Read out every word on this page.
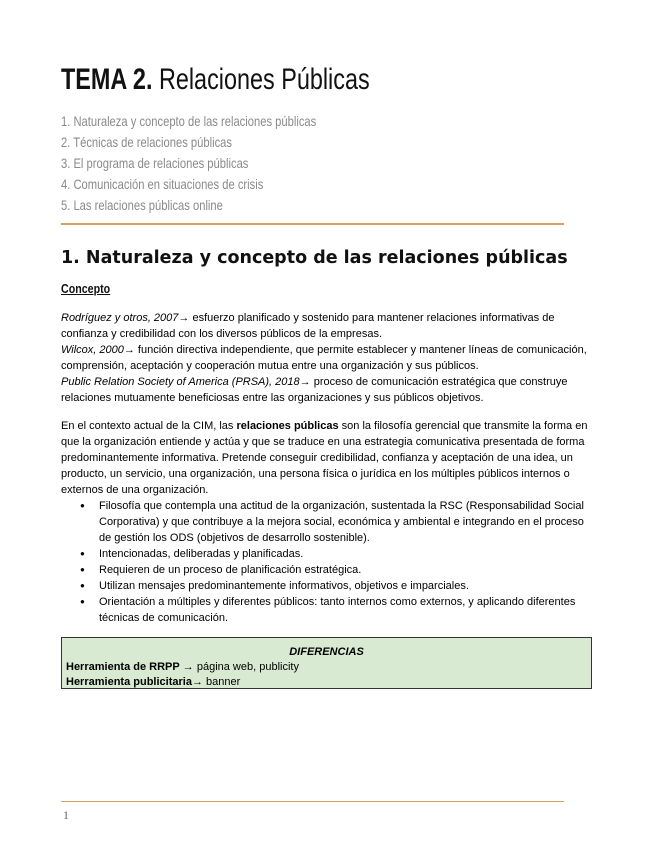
TEMA 2. Relaciones Públicas
1. Naturaleza y concepto de las relaciones públicas
2. Técnicas de relaciones públicas
3. El programa de relaciones públicas
4. Comunicación en situaciones de crisis
5. Las relaciones públicas online
1. Naturaleza y concepto de las relaciones públicas
Concepto

Rodríguez y otros, 2007→ esfuerzo planificado y sostenido para mantener relaciones informativas de confianza y credibilidad con los diversos públicos de la empresas.

Wilcox, 2000→ función directiva independiente, que permite establecer y mantener líneas de comunicación, comprensión, aceptación y cooperación mutua entre una organización y sus públicos.

Public Relation Society of America (PRSA), 2018→ proceso de comunicación estratégica que construye relaciones mutuamente beneficiosas entre las organizaciones y sus públicos objetivos.

En el contexto actual de la CIM, las relaciones públicas son la filosofía gerencial que transmite la forma en que la organización entiende y actúa y que se traduce en una estrategia comunicativa presentada de forma predominantemente informativa. Pretende conseguir credibilidad, confianza y aceptación de una idea, un producto, un servicio, una organización, una persona física o jurídica en los múltiples públicos internos o externos de una organización.

● Filosofía que contempla una actitud de la organización, sustentada la RSC (Responsabilidad Social Corporativa) y que contribuye a la mejora social, económica y ambiental e integrando en el proceso de gestión los ODS (objetivos de desarrollo sostenible).
● Intencionadas, deliberadas y planificadas.
● Requieren de un proceso de planificación estratégica.
● Utilizan mensajes predominantemente informativos, objetivos e imparciales.
● Orientación a múltiples y diferentes públicos: tanto internos como externos, y aplicando diferentes técnicas de comunicación.
DIFERENCIAS
Herramienta de RRPP → página web, publicity
Herramienta publicitaria→ banner
1
